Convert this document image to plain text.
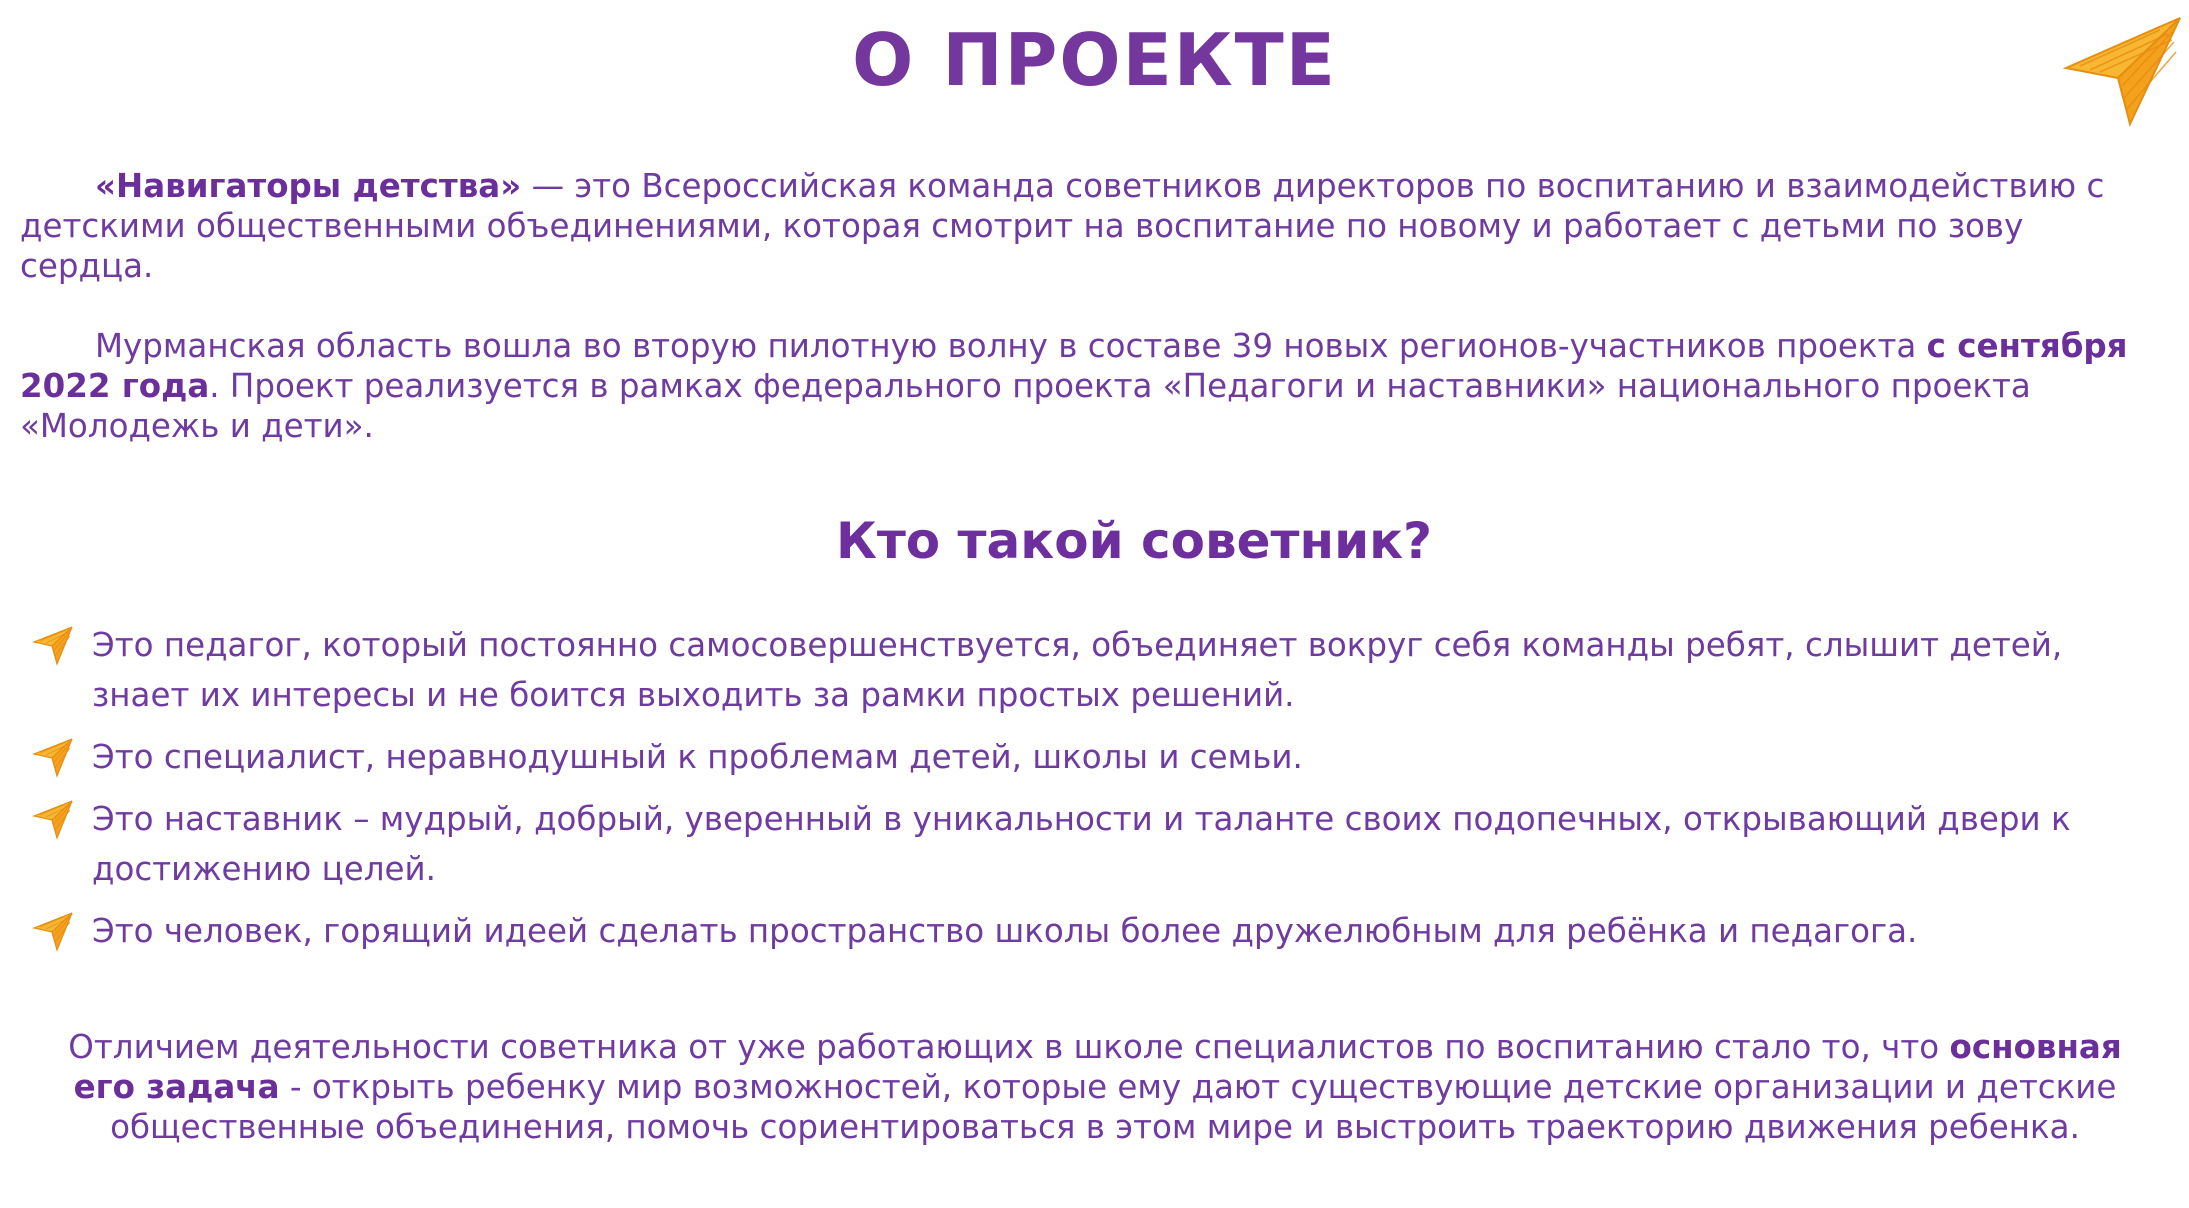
О ПРОЕКТЕ

«Навигаторы детства» — это Всероссийская команда советников директоров по воспитанию и взаимодействию с детскими общественными объединениями, которая смотрит на воспитание по новому и работает с детьми по зову сердца.

Мурманская область вошла во вторую пилотную волну в составе 39 новых регионов-участников проекта с сентября 2022 года. Проект реализуется в рамках федерального проекта «Педагоги и наставники» национального проекта «Молодежь и дети».

Кто такой советник?
Это педагог, который постоянно самосовершенствуется, объединяет вокруг себя команды ребят, слышит детей, знает их интересы и не боится выходить за рамки простых решений.
Это специалист, неравнодушный к проблемам детей, школы и семьи.
Это наставник – мудрый, добрый, уверенный в уникальности и таланте своих подопечных, открывающий двери к достижению целей.
Это человек, горящий идеей сделать пространство школы более дружелюбным для ребёнка и педагога.

Отличием деятельности советника от уже работающих в школе специалистов по воспитанию стало то, что основная его задача - открыть ребенку мир возможностей, которые ему дают существующие детские организации и детские общественные объединения, помочь сориентироваться в этом мире и выстроить траекторию движения ребенка.
